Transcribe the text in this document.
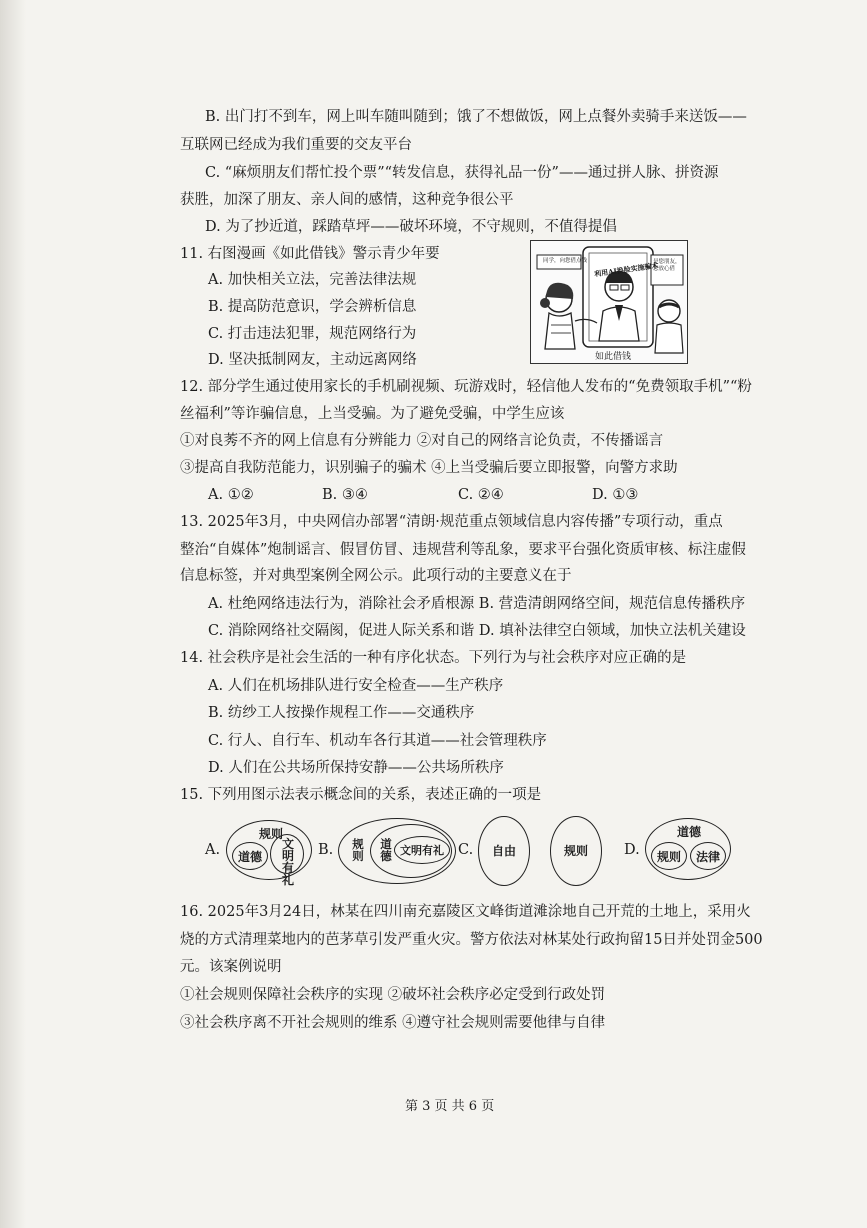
B. 出门打不到车，网上叫车随叫随到；饿了不想做饭，网上点餐外卖骑手来送饭——
互联网已经成为我们重要的交友平台
C. “麻烦朋友们帮忙投个票”“转发信息，获得礼品一份”——通过拼人脉、拼资源
获胜，加深了朋友、亲人间的感情，这种竞争很公平
D. 为了抄近道，踩踏草坪——破坏环境，不守规则，不值得提倡
11. 右图漫画《如此借钱》警示青少年要
A. 加快相关立法，完善法律法规
B. 提高防范意识，学会辨析信息
C. 打击违法犯罪，规范网络行为
D. 坚决抵制网友，主动远离网络
同学，向您借点钱 利用AI换脸实施骗术
是您朋友，您放心借
如此借钱
12. 部分学生通过使用家长的手机刷视频、玩游戏时，轻信他人发布的“免费领取手机”“粉
丝福利”等诈骗信息，上当受骗。为了避免受骗，中学生应该
①对良莠不齐的网上信息有分辨能力 ②对自己的网络言论负责，不传播谣言
③提高自我防范能力，识别骗子的骗术 ④上当受骗后要立即报警，向警方求助
A. ①②	B. ③④	C. ②④	D. ①③
13. 2025年3月，中央网信办部署“清朗·规范重点领域信息内容传播”专项行动，重点
整治“自媒体”炮制谣言、假冒仿冒、违规营利等乱象，要求平台强化资质审核、标注虚假
信息标签，并对典型案例全网公示。此项行动的主要意义在于
A. 杜绝网络违法行为，消除社会矛盾根源 B. 营造清朗网络空间，规范信息传播秩序
C. 消除网络社交隔阂，促进人际关系和谐 D. 填补法律空白领域，加快立法机关建设
14. 社会秩序是社会生活的一种有序化状态。下列行为与社会秩序对应正确的是
A. 人们在机场排队进行安全检查——生产秩序
B. 纺纱工人按操作规程工作——交通秩序
C. 行人、自行车、机动车各行其道——社会管理秩序
D. 人们在公共场所保持安静——公共场所秩序
15. 下列用图示法表示概念间的关系，表述正确的一项是
A.
规则
道德
文明有礼
B. 规则
道德 文明有礼 C. 自由	规则 D.
道德
规则 法律
16. 2025年3月24日，林某在四川南充嘉陵区文峰街道滩涂地自己开荒的土地上，采用火
烧的方式清理菜地内的芭茅草引发严重火灾。警方依法对林某处行政拘留15日并处罚金500
元。该案例说明
①社会规则保障社会秩序的实现 ②破坏社会秩序必定受到行政处罚
③社会秩序离不开社会规则的维系 ④遵守社会规则需要他律与自律
第 3 页 共 6 页
